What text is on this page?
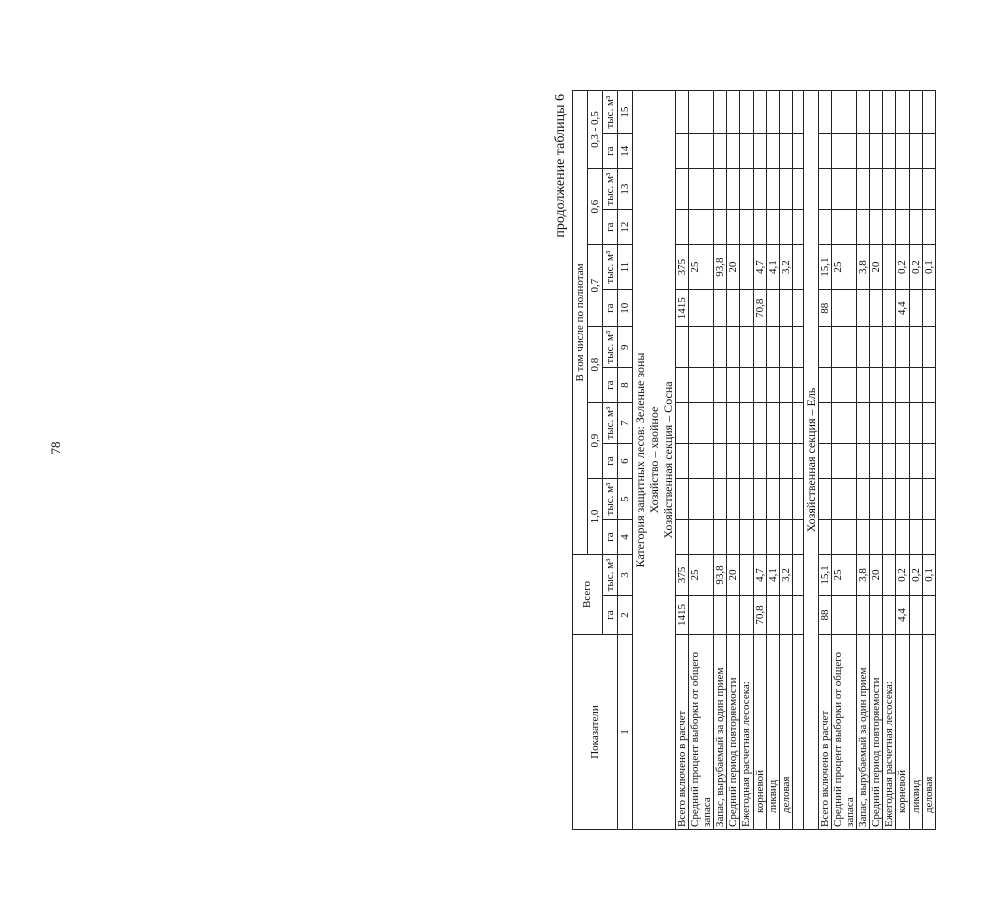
78
продолжение таблицы 6
Показатели	Всего		В том числе по полнотам											
			1,0		0,9		0,8		0,7		0,6		0,3 - 0,5	
	га	тыс. м³	га	тыс. м³	га	тыс. м³	га	тыс. м³	га	тыс. м³	га	тыс. м³	га	тыс. м³
1	2	3	4	5	6	7	8	9	10	11	12	13	14	15

Категория защитных лесов: Зеленые зоны Хозяйство – хвойное Хозяйственная секция – Сосна														

Всего включено в расчет	1415	375							1415	375				
Средний процент выборки от общего запаса		25								25				
Запас, вырубаемый за один прием		93,8								93,8				
Средний период повторяемости		20								20				
Ежегодная расчетная лесосека:														
корневой	70,8	4,7							70,8	4,7				
ликвид		4,1								4,1				
деловая		3,2								3,2				

Хозяйственная секция – Ель														

Всего включено в расчет	88	15,1							88	15,1				
Средний процент выборки от общего запаса		25								25				
Запас, вырубаемый за один прием		3,8								3,8				
Средний период повторяемости		20								20				
Ежегодная расчетная лесосека:														
корневой	4,4	0,2							4,4	0,2				
ликвид		0,2								0,2				
деловая		0,1								0,1				
